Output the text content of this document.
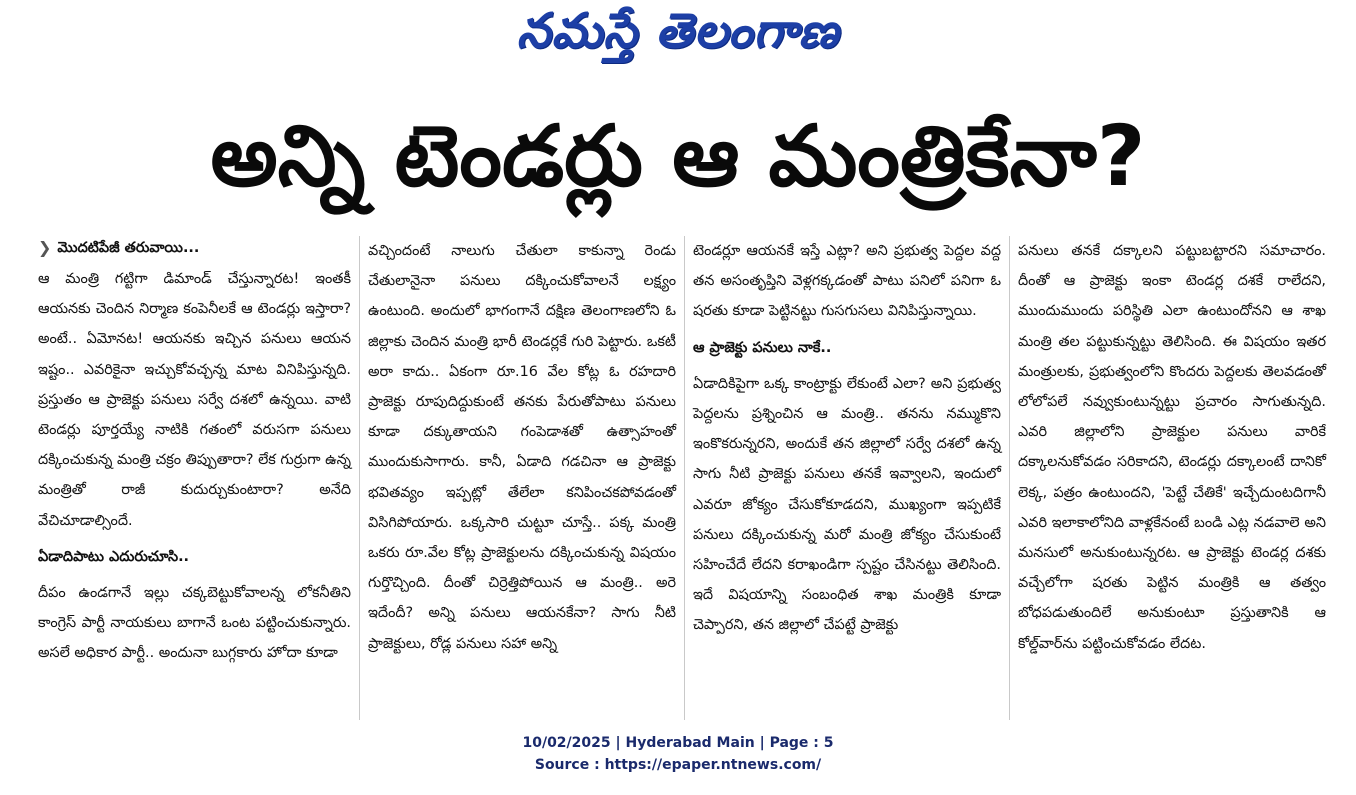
నమస్తే తెలంగాణ
అన్ని టెండర్లు ఆ మంత్రికేనా?
❯ మొదటిపేజీ తరువాయి...

ఆ మంత్రి గట్టిగా డిమాండ్ చేస్తున్నారట! ఇంతకీ ఆయనకు చెందిన నిర్మాణ కంపెనీలకే ఆ టెండర్లు ఇస్తారా? అంటే.. ఏమోనట! ఆయనకు ఇచ్చిన పనులు ఆయన ఇష్టం.. ఎవరికైనా ఇచ్చుకోవచ్చన్న మాట వినిపిస్తున్నది. ప్రస్తుతం ఆ ప్రాజెక్టు పనులు సర్వే దశలో ఉన్నయి. వాటి టెండర్లు పూర్తయ్యే నాటికి గతంలో వరుసగా పనులు దక్కించుకున్న మంత్రి చక్రం తిప్పుతారా? లేక గుర్రుగా ఉన్న మంత్రితో రాజీ కుదుర్చుకుంటారా? అనేది వేచిచూడాల్సిందే.

ఏడాదిపాటు ఎదురుచూసి..

దీపం ఉండగానే ఇల్లు చక్కబెట్టుకోవాలన్న లోకనీతిని కాంగ్రెస్ పార్టీ నాయకులు బాగానే ఒంట పట్టించుకున్నారు. అసలే అధికార పార్టీ.. అందునా బుగ్గకారు హోదా కూడా

వచ్చిందంటే నాలుగు చేతులా కాకున్నా రెండు చేతులానైనా పనులు దక్కించుకోవాలనే లక్ష్యం ఉంటుంది. అందులో భాగంగానే దక్షిణ తెలంగాణలోని ఓ జిల్లాకు చెందిన మంత్రి భారీ టెండర్లకే గురి పెట్టారు. ఒకటీ అరా కాదు.. ఏకంగా రూ.16 వేల కోట్ల ఓ రహదారి ప్రాజెక్టు రూపుదిద్దుకుంటే తనకు పేరుతోపాటు పనులు కూడా దక్కుతాయని గంపెడాశతో ఉత్సాహంతో ముందుకుసాగారు. కానీ, ఏడాది గడచినా ఆ ప్రాజెక్టు భవితవ్యం ఇప్పట్లో తేలేలా కనిపించకపోవడంతో విసిగిపోయారు. ఒక్కసారి చుట్టూ చూస్తే.. పక్క మంత్రి ఒకరు రూ.వేల కోట్ల ప్రాజెక్టులను దక్కించుకున్న విషయం గుర్తొచ్చింది. దీంతో చిర్రెత్తిపోయిన ఆ మంత్రి.. అరె ఇదేందీ? అన్ని పనులు ఆయనకేనా? సాగు నీటి ప్రాజెక్టులు, రోడ్ల పనులు సహా అన్ని

టెండర్లూ ఆయనకే ఇస్తే ఎట్లా? అని ప్రభుత్వ పెద్దల వద్ద తన అసంతృప్తిని వెళ్లగక్కడంతో పాటు పనిలో పనిగా ఓ షరతు కూడా పెట్టినట్టు గుసగుసలు వినిపిస్తున్నాయి.

ఆ ప్రాజెక్టు పనులు నాకే..

ఏడాదికిపైగా ఒక్క కాంట్రాక్టు లేకుంటే ఎలా? అని ప్రభుత్వ పెద్దలను ప్రశ్నించిన ఆ మంత్రి.. తనను నమ్ముకొని ఇంకొకరున్నరని, అందుకే తన జిల్లాలో సర్వే దశలో ఉన్న సాగు నీటి ప్రాజెక్టు పనులు తనకే ఇవ్వాలని, ఇందులో ఎవరూ జోక్యం చేసుకోకూడదని, ముఖ్యంగా ఇప్పటికే పనులు దక్కించుకున్న మరో మంత్రి జోక్యం చేసుకుంటే సహించేదే లేదని కరాఖండిగా స్పష్టం చేసినట్టు తెలిసింది. ఇదే విషయాన్ని సంబంధిత శాఖ మంత్రికి కూడా చెప్పారని, తన జిల్లాలో చేపట్టే ప్రాజెక్టు

పనులు తనకే దక్కాలని పట్టుబట్టారని సమాచారం. దీంతో ఆ ప్రాజెక్టు ఇంకా టెండర్ల దశకే రాలేదని, ముందుముందు పరిస్థితి ఎలా ఉంటుందోనని ఆ శాఖ మంత్రి తల పట్టుకున్నట్టు తెలిసింది. ఈ విషయం ఇతర మంత్రులకు, ప్రభుత్వంలోని కొందరు పెద్దలకు తెలవడంతో లోలోపలే నవ్వుకుంటున్నట్టు ప్రచారం సాగుతున్నది. ఎవరి జిల్లాలోని ప్రాజెక్టుల పనులు వారికే దక్కాలనుకోవడం సరికాదని, టెండర్లు దక్కాలంటే దానికో లెక్క, పత్రం ఉంటుందని, 'పెట్టే చేతికే' ఇచ్చేదుంటదిగానీ ఎవరి ఇలాకాలోనిది వాళ్లకేనంటే బండి ఎట్ల నడవాలె అని మనసులో అనుకుంటున్నరట. ఆ ప్రాజెక్టు టెండర్ల దశకు వచ్చేలోగా షరతు పెట్టిన మంత్రికి ఆ తత్వం బోధపడుతుందిలే అనుకుంటూ ప్రస్తుతానికి ఆ కోల్డ్‌వార్‌ను పట్టించుకోవడం లేదట.

10/02/2025 | Hyderabad Main | Page : 5
Source : https://epaper.ntnews.com/
